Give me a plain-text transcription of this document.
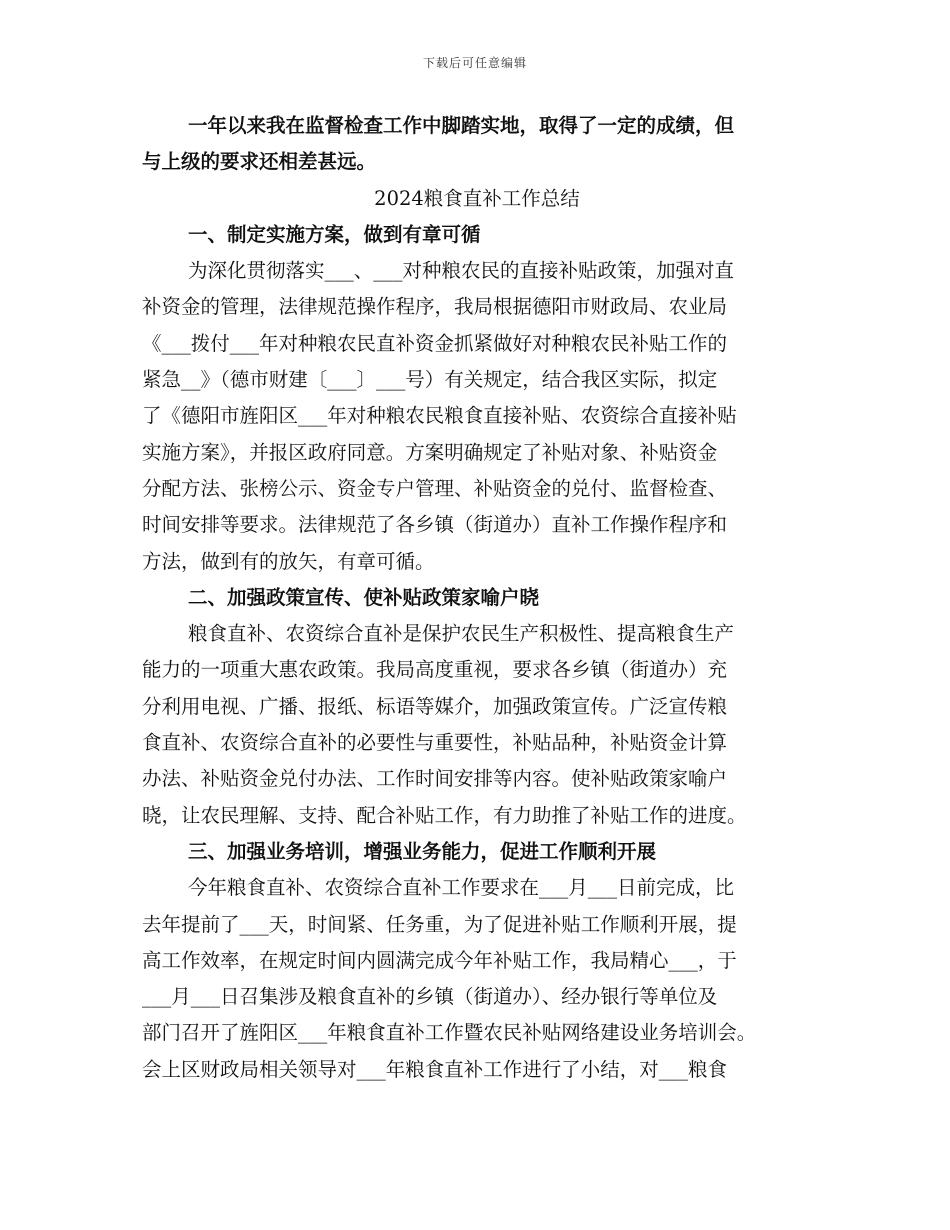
下载后可任意编辑
一年以来我在监督检查工作中脚踏实地，取得了一定的成绩，但
与上级的要求还相差甚远。
2024粮食直补工作总结
一、制定实施方案，做到有章可循
为深化贯彻落实___、___对种粮农民的直接补贴政策，加强对直
补资金的管理，法律规范操作程序，我局根据德阳市财政局、农业局
《___拨付___年对种粮农民直补资金抓紧做好对种粮农民补贴工作的
紧急__》（德市财建〔___〕___号）有关规定，结合我区实际，拟定
了《德阳市旌阳区___年对种粮农民粮食直接补贴、农资综合直接补贴
实施方案》，并报区政府同意。方案明确规定了补贴对象、补贴资金
分配方法、张榜公示、资金专户管理、补贴资金的兑付、监督检查、
时间安排等要求。法律规范了各乡镇（街道办）直补工作操作程序和
方法，做到有的放矢，有章可循。
二、加强政策宣传、使补贴政策家喻户晓
粮食直补、农资综合直补是保护农民生产积极性、提高粮食生产
能力的一项重大惠农政策。我局高度重视，要求各乡镇（街道办）充
分利用电视、广播、报纸、标语等媒介，加强政策宣传。广泛宣传粮
食直补、农资综合直补的必要性与重要性，补贴品种，补贴资金计算
办法、补贴资金兑付办法、工作时间安排等内容。使补贴政策家喻户
晓，让农民理解、支持、配合补贴工作，有力助推了补贴工作的进度。
三、加强业务培训，增强业务能力，促进工作顺利开展
今年粮食直补、农资综合直补工作要求在___月___日前完成，比
去年提前了___天，时间紧、任务重，为了促进补贴工作顺利开展，提
高工作效率，在规定时间内圆满完成今年补贴工作，我局精心___，于
___月___日召集涉及粮食直补的乡镇（街道办）、经办银行等单位及
部门召开了旌阳区___年粮食直补工作暨农民补贴网络建设业务培训会。
会上区财政局相关领导对___年粮食直补工作进行了小结，对___粮食
